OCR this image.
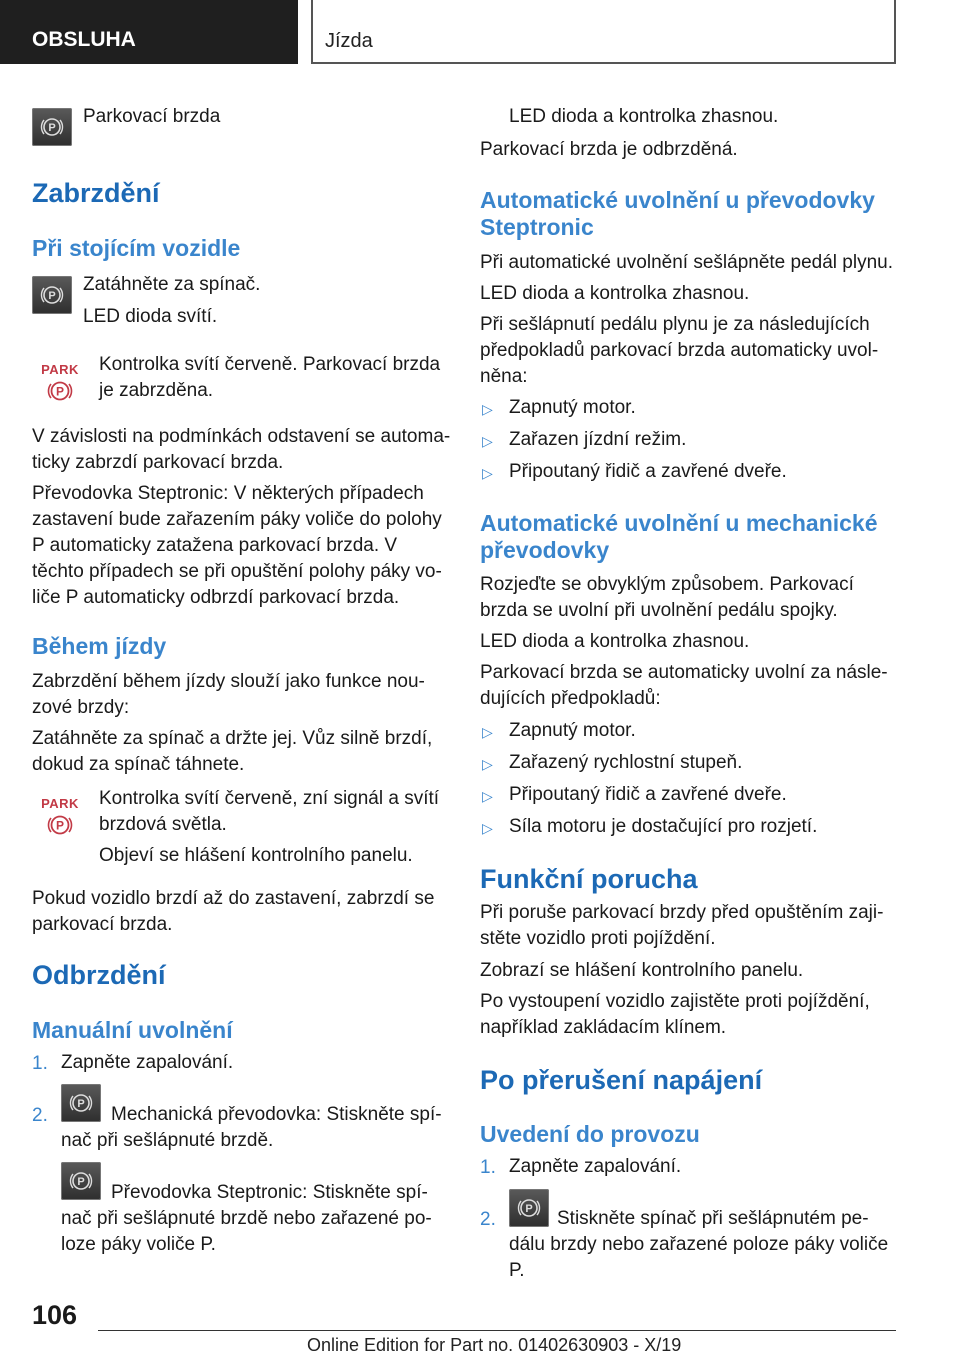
OBSLUHA	Jízda
P

Parkovací brzda

Zabrzdění
Při stojícím vozidle
P

Zatáhněte za spínač.

LED dioda svítí.

PARK
P

Kontrolka svítí červeně. Parkovací brzda

je zabrzděna.

V závislosti na podmínkách odstavení se automa‐

ticky zabrzdí parkovací brzda.

Převodovka Steptronic: V některých případech

zastavení bude zařazením páky voliče do polohy

P automaticky zatažena parkovací brzda. V

těchto případech se při opuštění polohy páky vo‐

liče P automaticky odbrzdí parkovací brzda.

Během jízdy

Zabrzdění během jízdy slouží jako funkce nou‐

zové brzdy:

Zatáhněte za spínač a držte jej. Vůz silně brzdí,

dokud za spínač táhnete.

PARK
P

Kontrolka svítí červeně, zní signál a svítí

brzdová světla.

Objeví se hlášení kontrolního panelu.

Pokud vozidlo brzdí až do zastavení, zabrzdí se

parkovací brzda.

Odbrzdění
Manuální uvolnění
1. Zapněte zapalování.

2.
P Mechanická převodovka: Stiskněte spí‐

nač při sešlápnuté brzdě.

P Převodovka Steptronic: Stiskněte spí‐

nač při sešlápnuté brzdě nebo zařazené po‐

loze páky voliče P.

LED dioda a kontrolka zhasnou.

Parkovací brzda je odbrzděná.

Automatické uvolnění u převodovky
Steptronic

Při automatické uvolnění sešlápněte pedál plynu.

LED dioda a kontrolka zhasnou.

Při sešlápnutí pedálu plynu je za následujících

předpokladů parkovací brzda automaticky uvol‐

něna:

▷ Zapnutý motor.

▷ Zařazen jízdní režim.

▷ Připoutaný řidič a zavřené dveře.

Automatické uvolnění u mechanické
převodovky

Rozjeďte se obvyklým způsobem. Parkovací

brzda se uvolní při uvolnění pedálu spojky.

LED dioda a kontrolka zhasnou.

Parkovací brzda se automaticky uvolní za násle‐

dujících předpokladů:

▷ Zapnutý motor.

▷ Zařazený rychlostní stupeň.

▷ Připoutaný řidič a zavřené dveře.

▷ Síla motoru je dostačující pro rozjetí.

Funkční porucha

Při poruše parkovací brzdy před opuštěním zaji‐

stěte vozidlo proti pojíždění.

Zobrazí se hlášení kontrolního panelu.

Po vystoupení vozidlo zajistěte proti pojíždění,

například zakládacím klínem.

Po přerušení napájení
Uvedení do provozu
1. Zapněte zapalování.

2.	P Stiskněte spínač při sešlápnutém pe‐

dálu brzdy nebo zařazené poloze páky voliče

P.

106
Online Edition for Part no. 01402630903 - X/19
